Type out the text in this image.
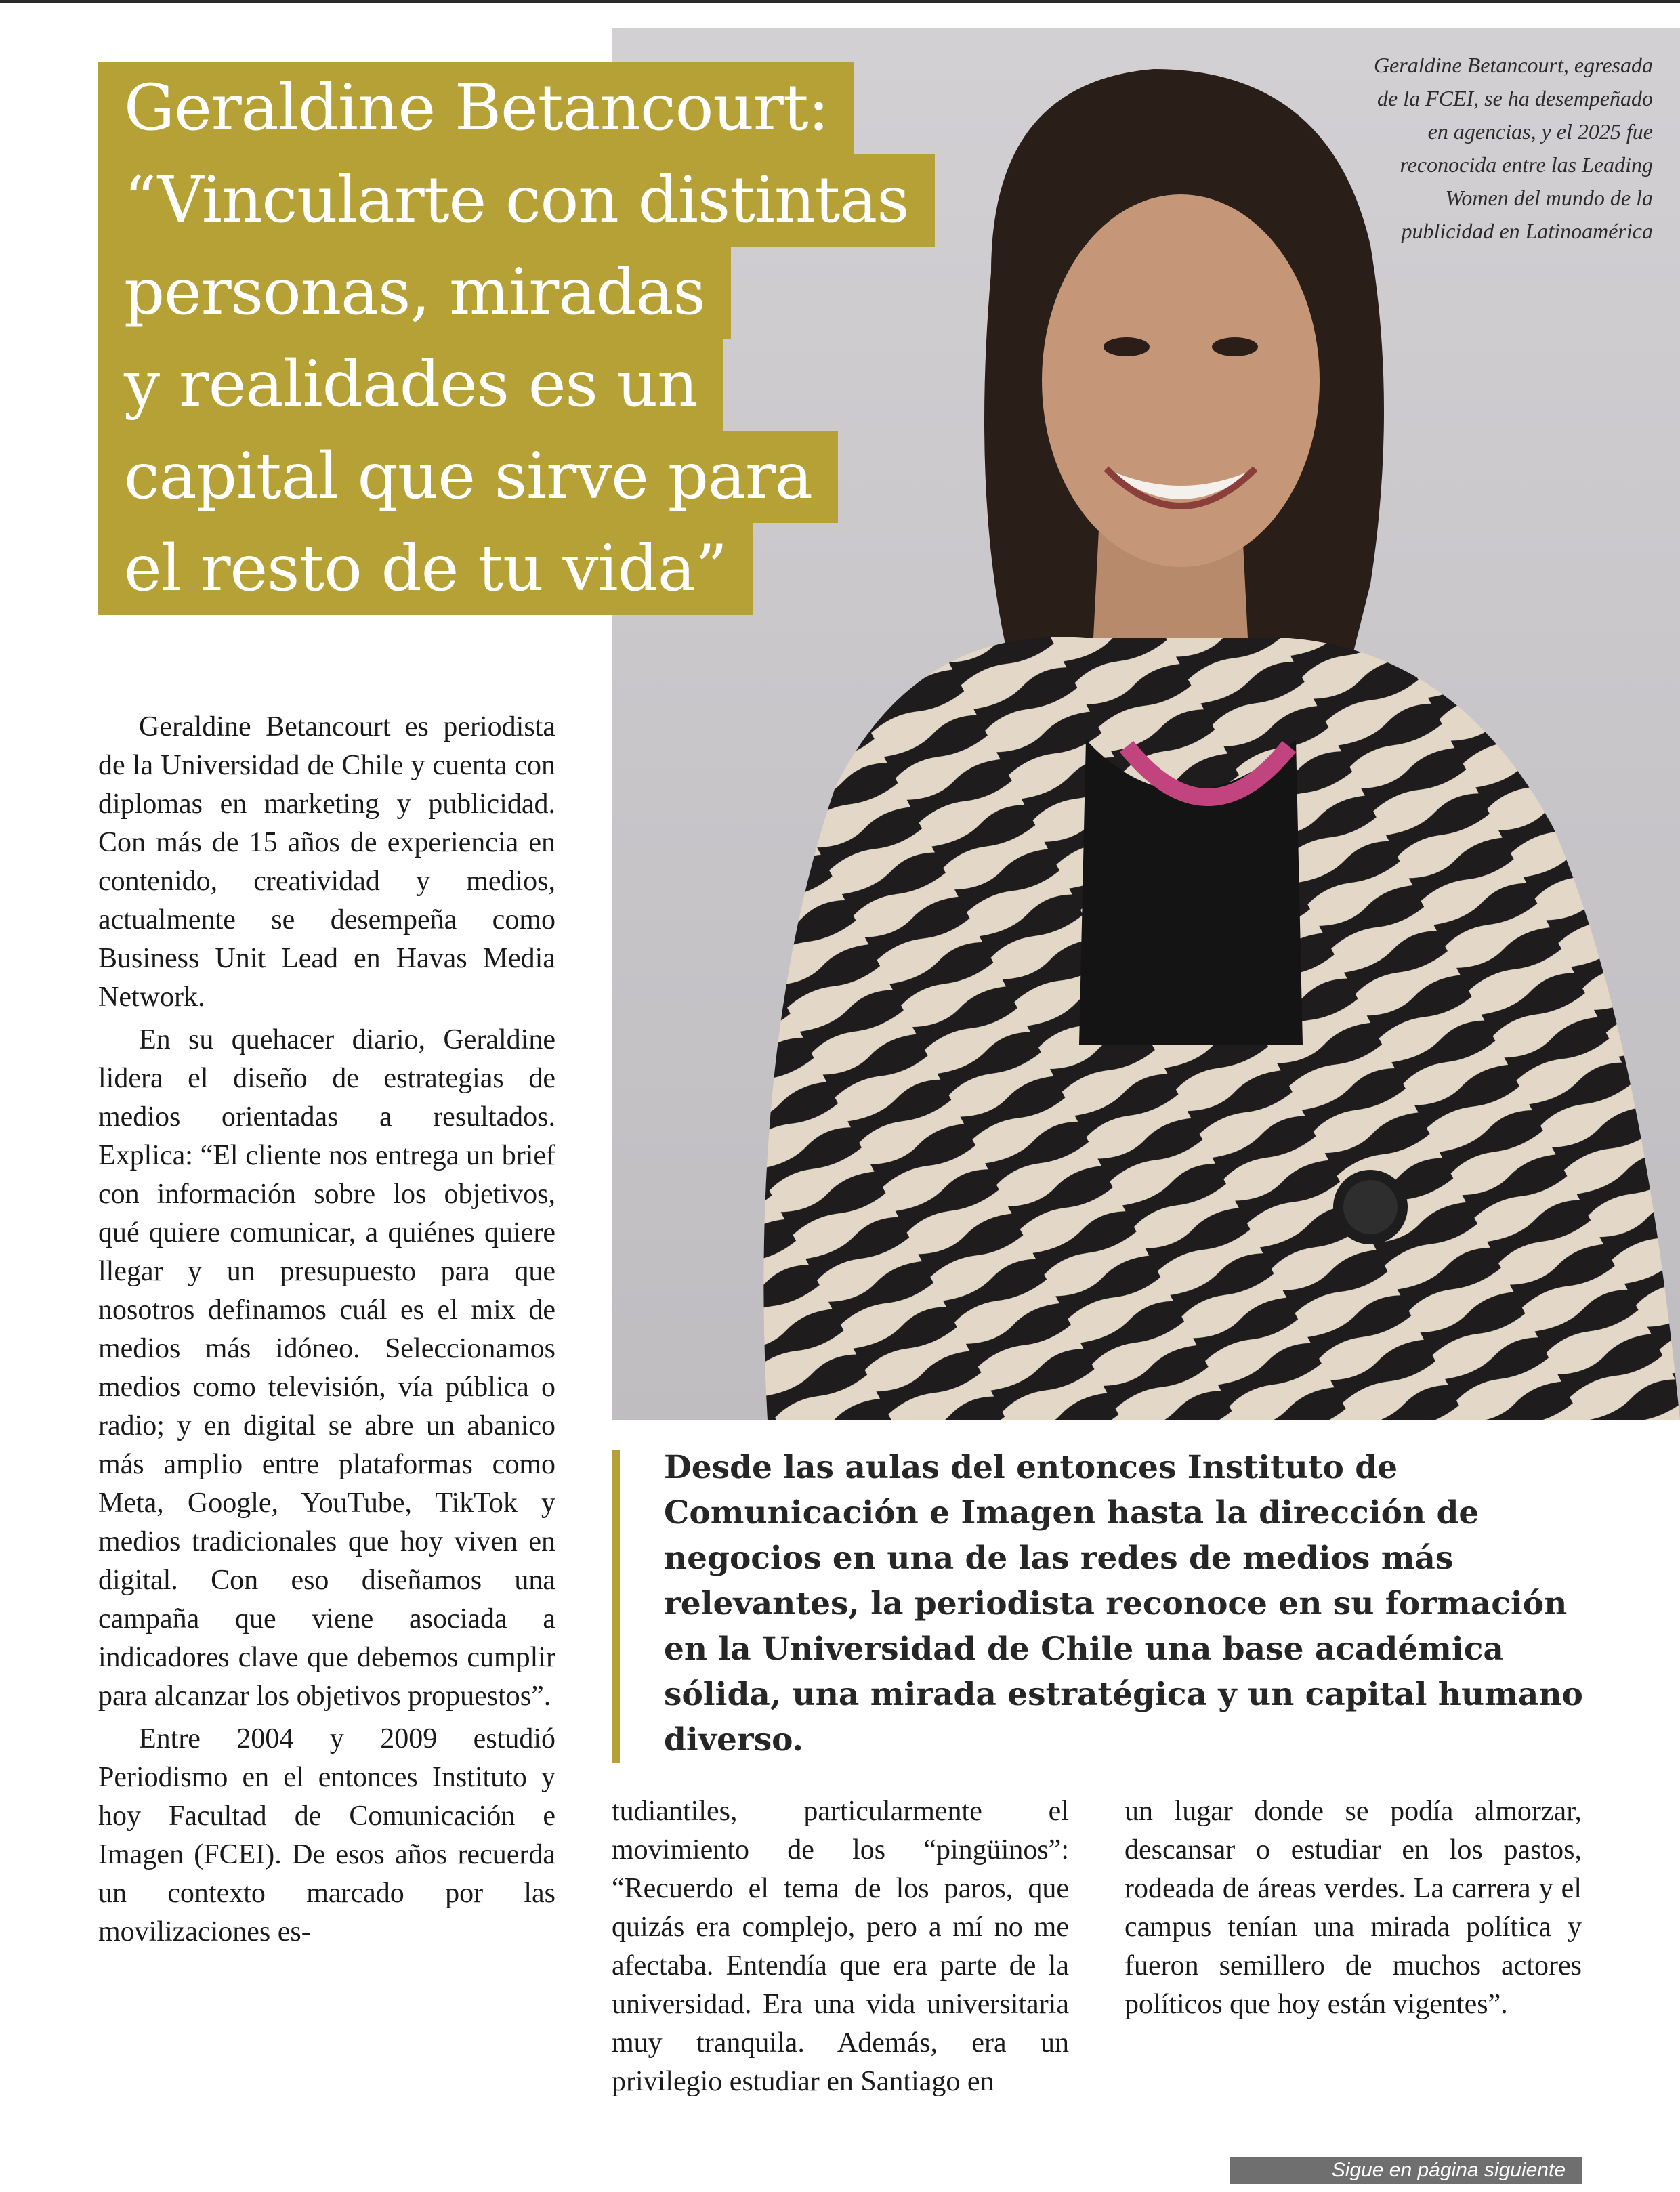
Geraldine Betancourt, egresada de la FCEI, se ha desempeñado en agencias, y el 2025 fue reconocida entre las Leading Women del mundo de la publicidad en Latinoamérica
Geraldine Betancourt:
“Vincularte con distintas
personas, miradas
y realidades es un
capital que sirve para
el resto de tu vida”

Geraldine Betancourt es periodista de la Universidad de Chile y cuenta con diplomas en marketing y publicidad. Con más de 15 años de experiencia en contenido, creatividad y medios, actualmente se desempeña como Business Unit Lead en Havas Media Network.

En su quehacer diario, Geraldine lidera el diseño de estrategias de medios orientadas a resultados. Explica: “El cliente nos entrega un brief con información sobre los objetivos, qué quiere comunicar, a quiénes quiere llegar y un presupuesto para que nosotros definamos cuál es el mix de medios más idóneo. Seleccionamos medios como televisión, vía pública o radio; y en digital se abre un abanico más amplio entre plataformas como Meta, Google, YouTube, TikTok y medios tradicionales que hoy viven en digital. Con eso diseñamos una campaña que viene asociada a indicadores clave que debemos cumplir para alcanzar los objetivos propuestos”.

Entre 2004 y 2009 estudió Periodismo en el entonces Instituto y hoy Facultad de Comunicación e Imagen (FCEI). De esos años recuerda un contexto marcado por las movilizaciones es-

Desde las aulas del entonces Instituto de Comunicación e Imagen hasta la dirección de negocios en una de las redes de medios más relevantes, la periodista reconoce en su formación en la Universidad de Chile una base académica sólida, una mirada estratégica y un capital humano diverso.

tudiantiles, particularmente el movimiento de los “pingüinos”: “Recuerdo el tema de los paros, que quizás era complejo, pero a mí no me afectaba. Entendía que era parte de la universidad. Era una vida universitaria muy tranquila. Además, era un privilegio estudiar en Santiago en

un lugar donde se podía almorzar, descansar o estudiar en los pastos, rodeada de áreas verdes. La carrera y el campus tenían una mirada política y fueron semillero de muchos actores políticos que hoy están vigentes”.

Sigue en página siguiente
